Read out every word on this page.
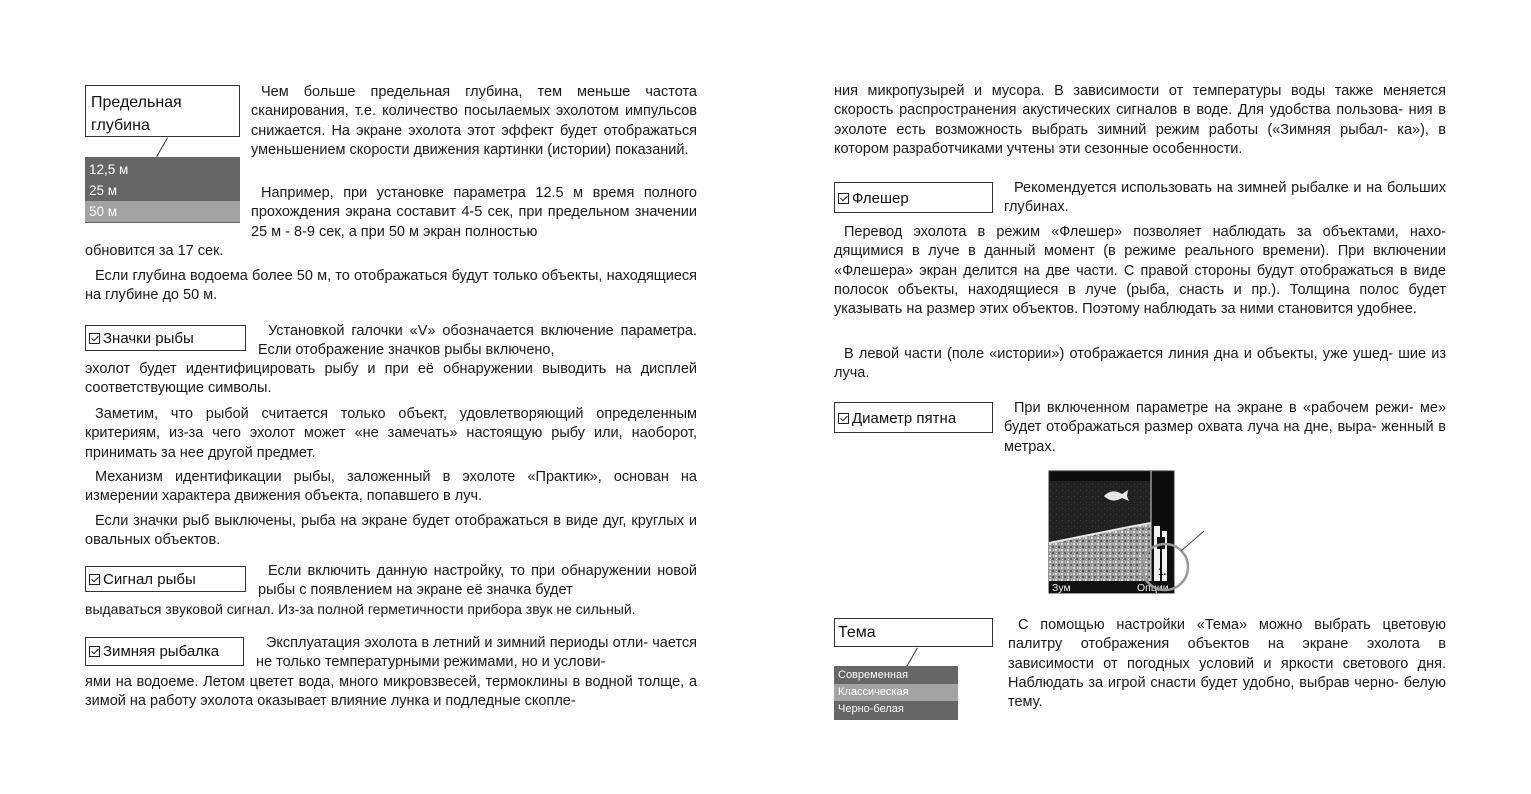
Предельная
глубина
12,5 м
25 м
50 м

Чем больше предельная глубина, тем меньше частота сканирования, т.е. количество посылаемых эхолотом импульсов снижается. На экране эхолота этот эффект будет отображаться уменьшением скорости движения картинки (истории) показаний.

Например, при установке параметра 12.5 м время полного прохождения экрана составит 4-5 сек, при предельном значении 25 м - 8-9 сек, а при 50 м экран полностью

обновится за 17 сек.

Если глубина водоема более 50 м, то отображаться будут только объекты, находящиеся на глубине до 50 м.

Значки рыбы	Установкой галочки «V» обозначается включение параметра. Если отображение значков рыбы включено,

эхолот будет идентифицировать рыбу и при её обнаружении выводить на дисплей соответствующие символы.

Заметим, что рыбой считается только объект, удовлетворяющий определенным критериям, из-за чего эхолот может «не замечать» настоящую рыбу или, наоборот, принимать за нее другой предмет.

Механизм идентификации рыбы, заложенный в эхолоте «Практик», основан на измерении характера движения объекта, попавшего в луч.

Если значки рыб выключены, рыба на экране будет отображаться в виде дуг, круглых и овальных объектов.

Сигнал рыбы	Если включить данную настройку, то при обнаружении новой рыбы с появлением на экране её значка будет

выдаваться звуковой сигнал. Из-за полной герметичности прибора звук не сильный.

Зимняя рыбалка	Эксплуатация эхолота в летний и зимний периоды отли- чается не только температурными режимами, но и услови-

ями на водоеме. Летом цветет вода, много микровзвесей, термоклины в водной толще, а зимой на работу эхолота оказывает влияние лунка и подледные скопле-

ния микропузырей и мусора. В зависимости от температуры воды также меняется скорость распространения акустических сигналов в воде. Для удобства пользова- ния в эхолоте есть возможность выбрать зимний режим работы («Зимняя рыбал- ка»), в котором разработчиками учтены эти сезонные особенности.

Флешер

Рекомендуется использовать на зимней рыбалке и на больших глубинах.

Перевод эхолота в режим «Флешер» позволяет наблюдать за объектами, нахо- дящимися в луче в данный момент (в режиме реального времени). При включении «Флешера» экран делится на две части. С правой стороны будут отображаться в виде полосок объекты, находящиеся в луче (рыба, снасть и пр.). Толщина полос будет указывать на размер этих объектов. Поэтому наблюдать за ними становится удобнее.

В левой части (поле «истории») отображается линия дна и объекты, уже ушед- шие из луча.

Диаметр пятна

При включенном параметре на экране в «рабочем режи- ме» будет отображаться размер охвата луча на дне, выра- женный в метрах.

Зум	Опции
1.5
Тема
Современная
Классическая
Черно-белая

С помощью настройки «Тема» можно выбрать цветовую палитру отображения объектов на экране эхолота в зависимости от погодных условий и яркости светового дня. Наблюдать за игрой снасти будет удобно, выбрав черно- белую тему.
